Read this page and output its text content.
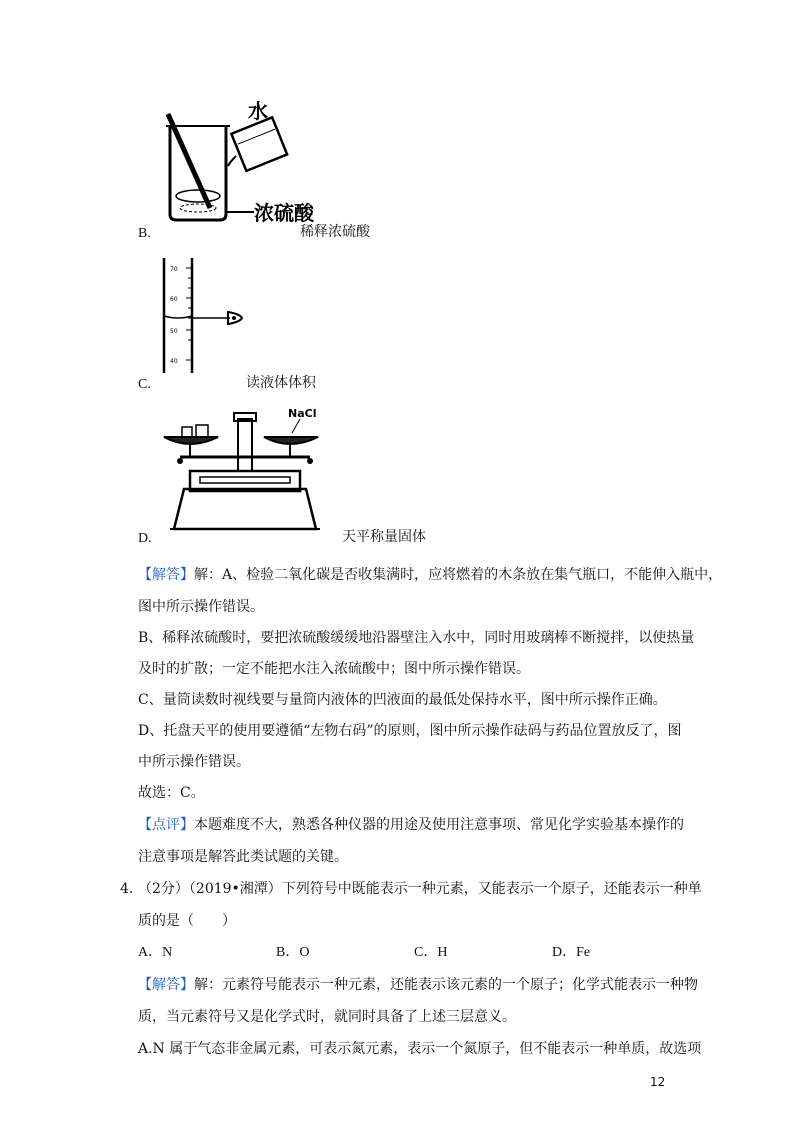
水
浓硫酸
B.	稀释浓硫酸
70
60
50
40
C.	读液体体积
NaCl
D.	天平称量固体
【解答】解：A、检验二氧化碳是否收集满时，应将燃着的木条放在集气瓶口，不能伸入瓶中，
图中所示操作错误。
B、稀释浓硫酸时，要把浓硫酸缓缓地沿器壁注入水中，同时用玻璃棒不断搅拌，以使热量
及时的扩散；一定不能把水注入浓硫酸中；图中所示操作错误。
C、量筒读数时视线要与量筒内液体的凹液面的最低处保持水平，图中所示操作正确。
D、托盘天平的使用要遵循“左物右码”的原则，图中所示操作砝码与药品位置放反了，图
中所示操作错误。
故选：C。
【点评】本题难度不大，熟悉各种仪器的用途及使用注意事项、常见化学实验基本操作的
注意事项是解答此类试题的关键。
4. （2分）（2019•湘潭）下列符号中既能表示一种元素，又能表示一个原子，还能表示一种单
质的是（　　）
A．N	B．O	C．H	D．Fe
【解答】解：元素符号能表示一种元素，还能表示该元素的一个原子；化学式能表示一种物
质，当元素符号又是化学式时，就同时具备了上述三层意义。
A.N 属于气态非金属元素，可表示氮元素，表示一个氮原子，但不能表示一种单质，故选项
12
